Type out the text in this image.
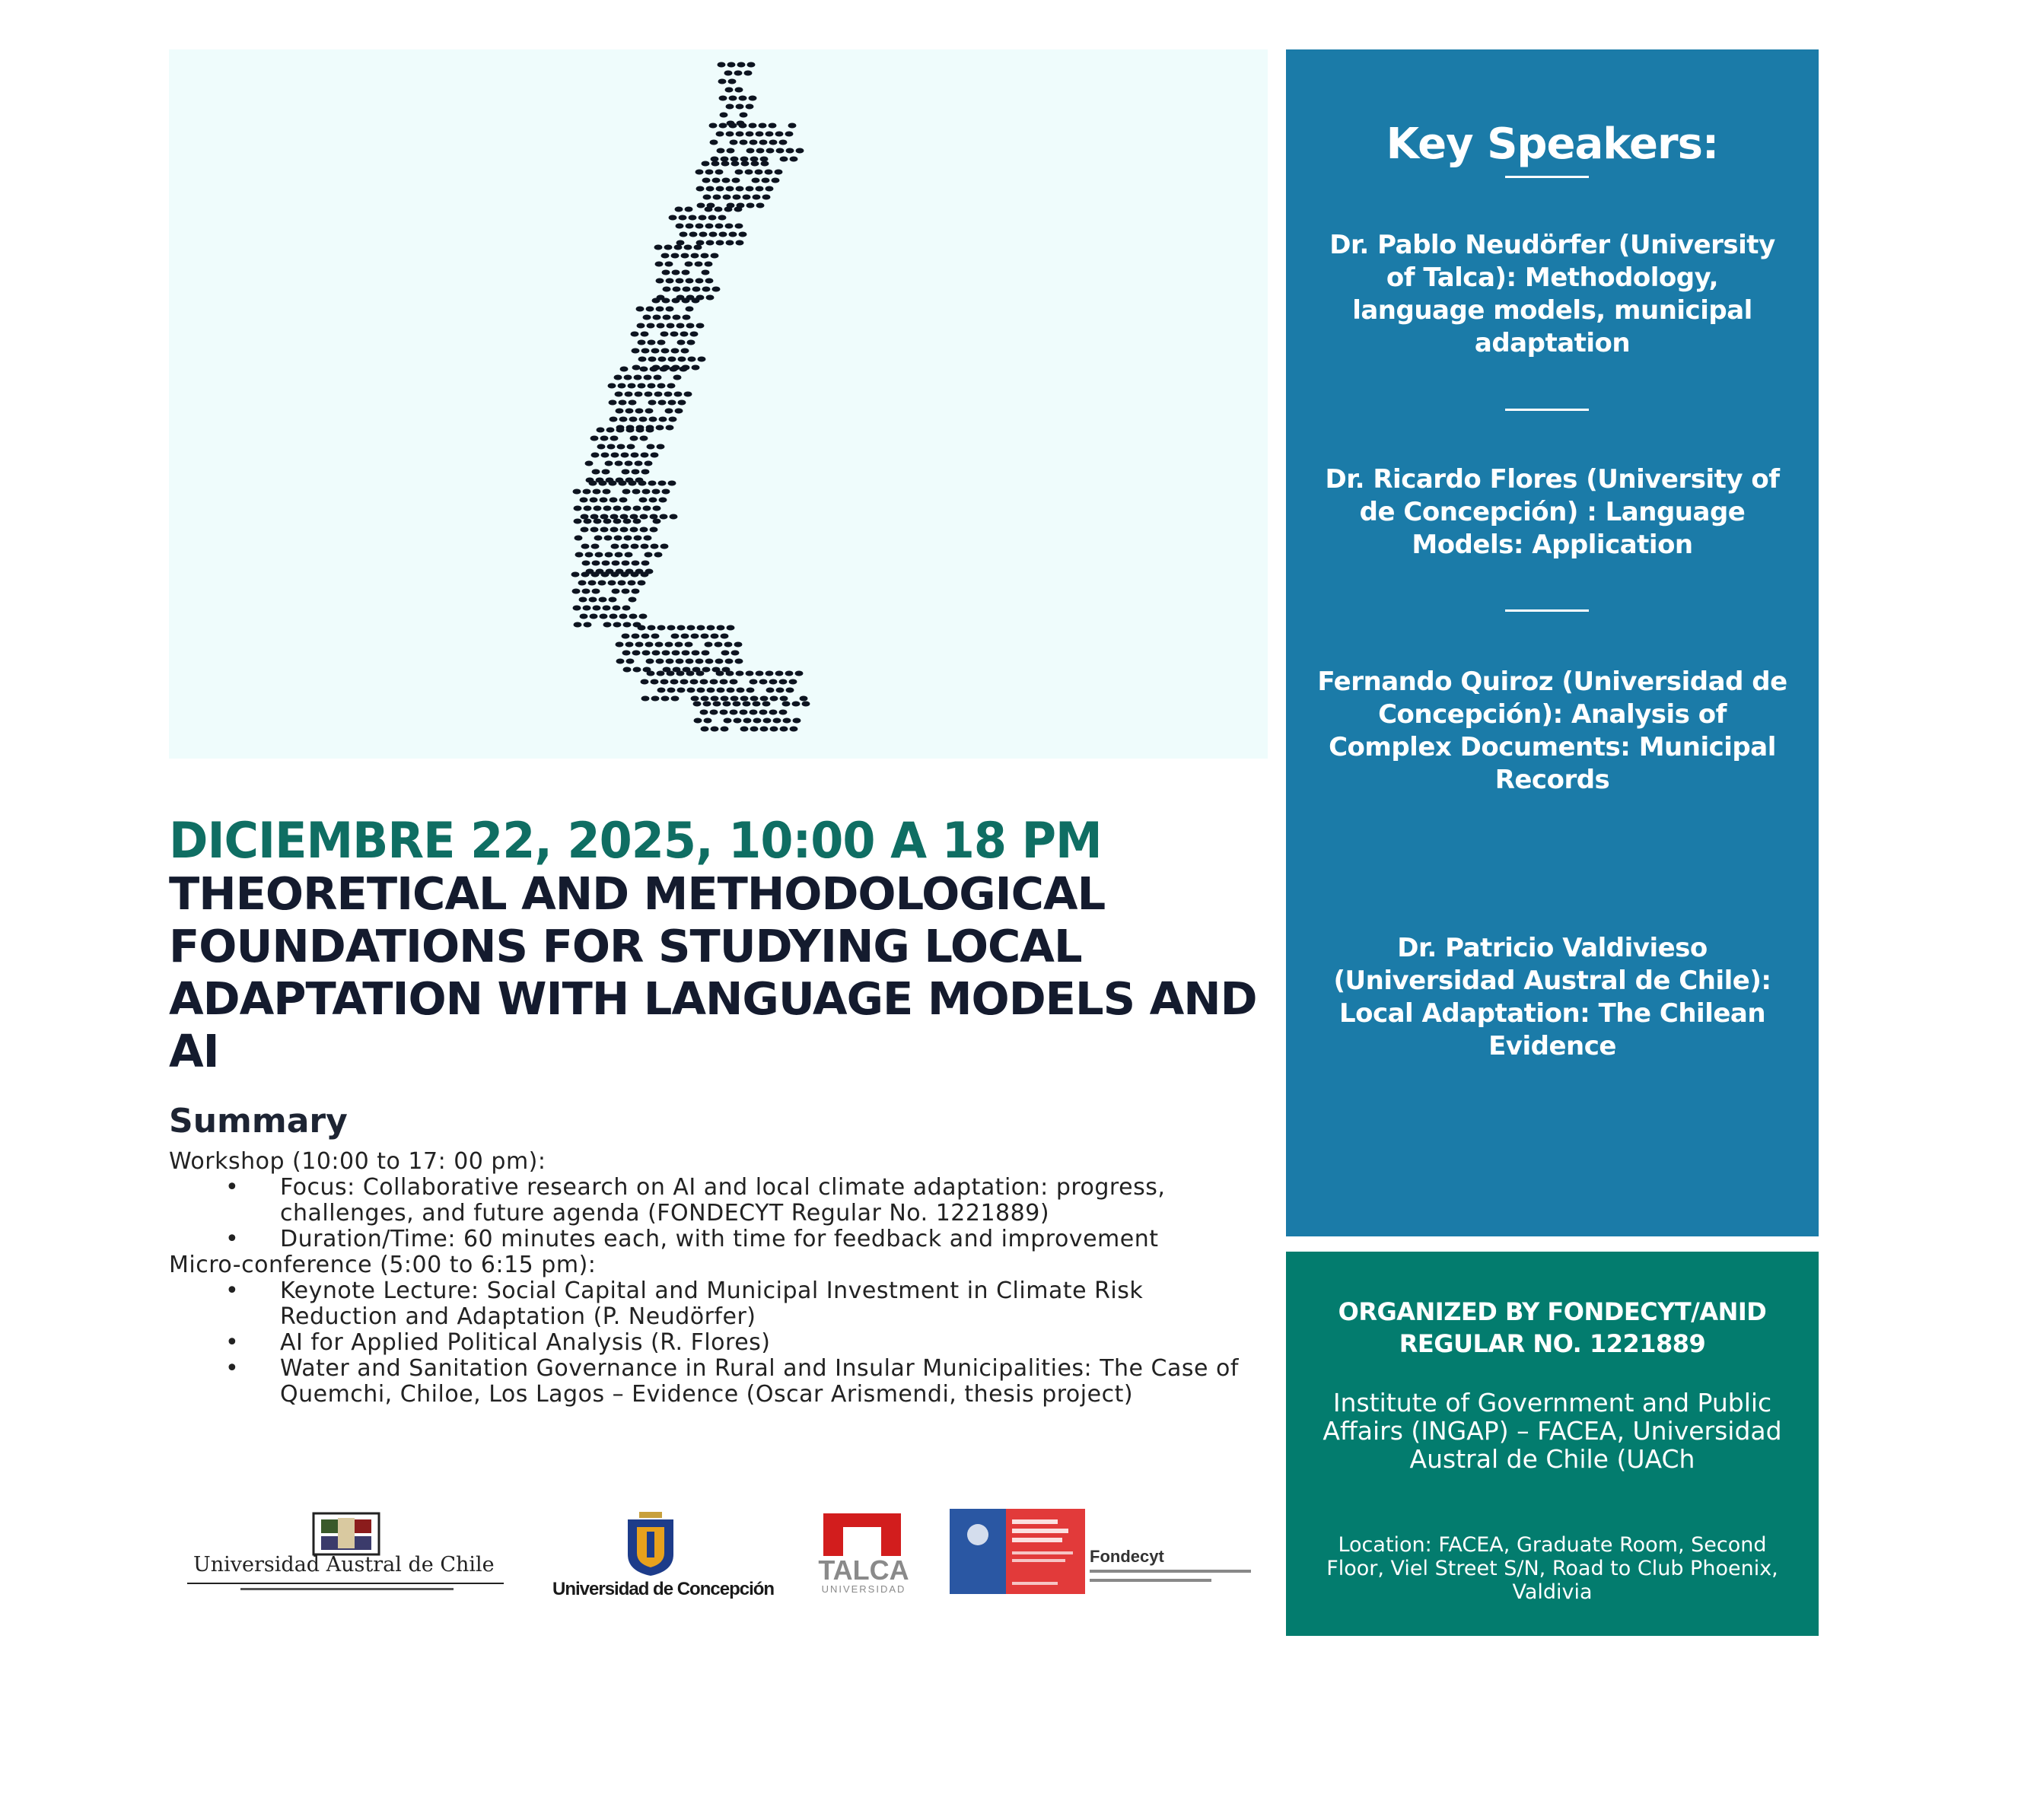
DICIEMBRE 22, 2025, 10:00 A 18 PM
THEORETICAL AND METHODOLOGICAL FOUNDATIONS FOR STUDYING LOCAL ADAPTATION WITH LANGUAGE MODELS AND AI
Summary

Workshop (10:00 to 17: 00 pm):

• Focus: Collaborative research on AI and local climate adaptation: progress, challenges, and future agenda (FONDECYT Regular No. 1221889)
• Duration/Time: 60 minutes each, with time for feedback and improvement

Micro-conference (5:00 to 6:15 pm):

• Keynote Lecture: Social Capital and Municipal Investment in Climate Risk Reduction and Adaptation (P. Neudörfer)
• AI for Applied Political Analysis (R. Flores)
• Water and Sanitation Governance in Rural and Insular Municipalities: The Case of Quemchi, Chiloe, Los Lagos – Evidence (Oscar Arismendi, thesis project)
Universidad Austral de Chile
Universidad de Concepción
TALCA
UNIVERSIDAD
Fondecyt
Key Speakers:
Dr. Pablo Neudörfer (University of Talca): Methodology, language models, municipal adaptation
Dr. Ricardo Flores (University of de Concepción) : Language Models: Application
Fernando Quiroz (Universidad de Concepción): Analysis of Complex Documents: Municipal Records
Dr. Patricio Valdivieso (Universidad Austral de Chile): Local Adaptation: The Chilean Evidence
ORGANIZED BY FONDECYT/ANID REGULAR NO. 1221889
Institute of Government and Public Affairs (INGAP) – FACEA, Universidad Austral de Chile (UACh
Location: FACEA, Graduate Room, Second Floor, Viel Street S/N, Road to Club Phoenix, Valdivia
